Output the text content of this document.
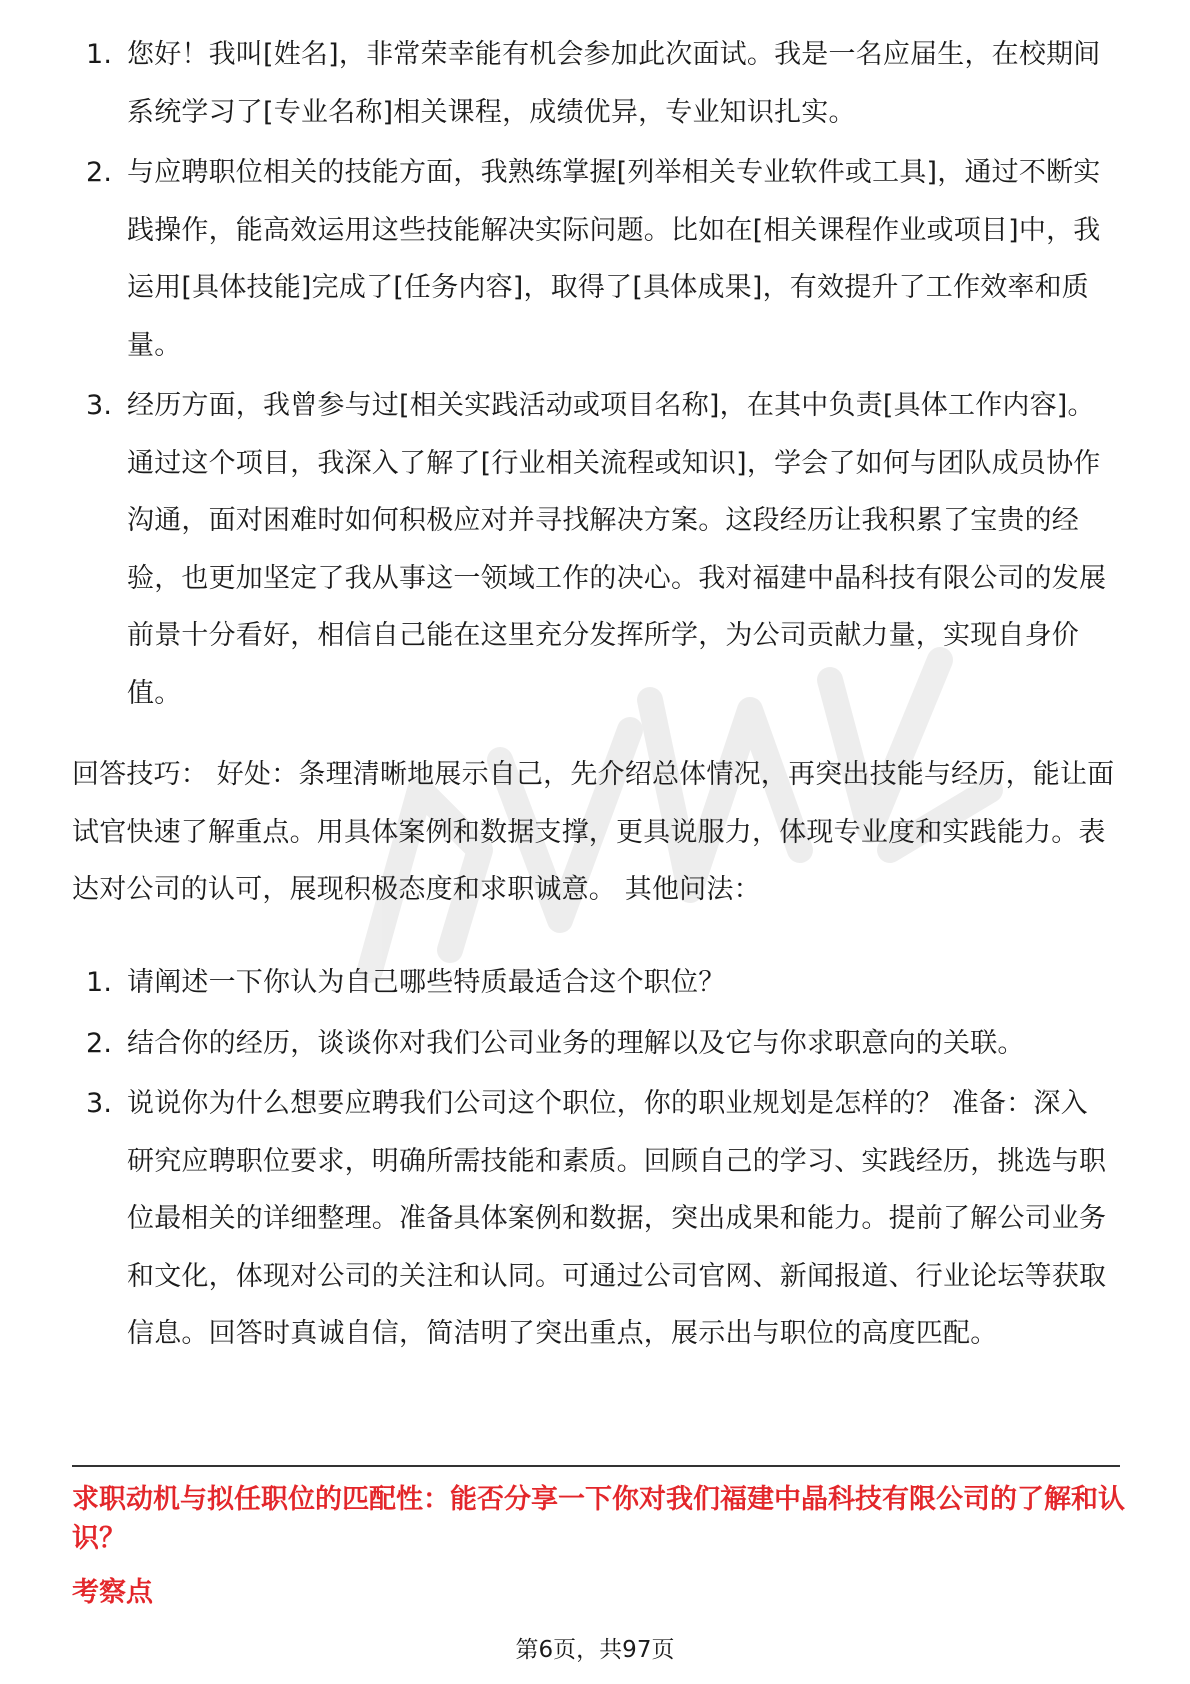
1. 您好！我叫[姓名]，非常荣幸能有机会参加此次面试。我是一名应届生，在校期间系统学习了[专业名称]相关课程，成绩优异，专业知识扎实。
2. 与应聘职位相关的技能方面，我熟练掌握[列举相关专业软件或工具]，通过不断实践操作，能高效运用这些技能解决实际问题。比如在[相关课程作业或项目]中，我运用[具体技能]完成了[任务内容]，取得了[具体成果]，有效提升了工作效率和质量。
3. 经历方面，我曾参与过[相关实践活动或项目名称]，在其中负责[具体工作内容]。通过这个项目，我深入了解了[行业相关流程或知识]，学会了如何与团队成员协作沟通，面对困难时如何积极应对并寻找解决方案。这段经历让我积累了宝贵的经验，也更加坚定了我从事这一领域工作的决心。我对福建中晶科技有限公司的发展前景十分看好，相信自己能在这里充分发挥所学，为公司贡献力量，实现自身价值。

回答技巧： 好处：条理清晰地展示自己，先介绍总体情况，再突出技能与经历，能让面试官快速了解重点。用具体案例和数据支撑，更具说服力，体现专业度和实践能力。表达对公司的认可，展现积极态度和求职诚意。 其他问法：

1. 请阐述一下你认为自己哪些特质最适合这个职位？
2. 结合你的经历，谈谈你对我们公司业务的理解以及它与你求职意向的关联。
3. 说说你为什么想要应聘我们公司这个职位，你的职业规划是怎样的？ 准备：深入研究应聘职位要求，明确所需技能和素质。回顾自己的学习、实践经历，挑选与职位最相关的详细整理。准备具体案例和数据，突出成果和能力。提前了解公司业务和文化，体现对公司的关注和认同。可通过公司官网、新闻报道、行业论坛等获取信息。回答时真诚自信，简洁明了突出重点，展示出与职位的高度匹配。
求职动机与拟任职位的匹配性：能否分享一下你对我们福建中晶科技有限公司的了解和认识？
考察点
第6页，共97页
